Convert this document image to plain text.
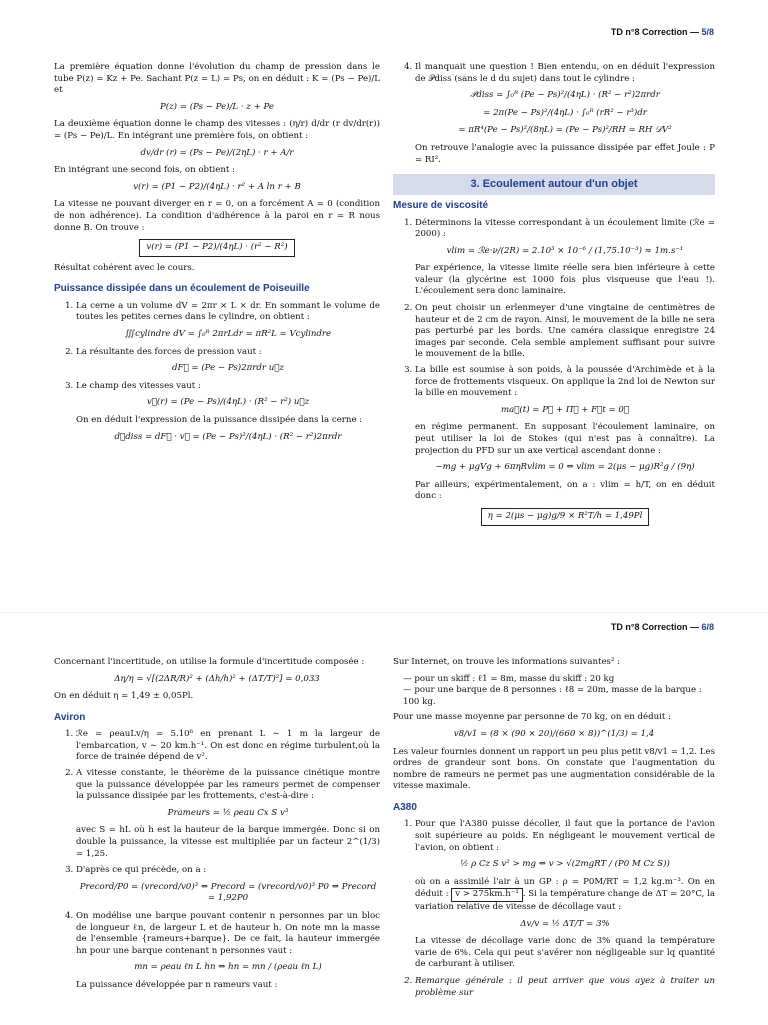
TD n°8 Correction — 5/8

La première équation donne l'évolution du champ de pression dans le tube P(z) = Kz + Pe. Sachant P(z = L) = Ps, on en déduit : K = (Ps − Pe)/L et

P(z) = (Ps − Pe)/L · z + Pe

La deuxième équation donne le champ des vitesses : (η/r) d/dr (r dv/dr(r)) = (Ps − Pe)/L. En intégrant une première fois, on obtient :

dv/dr (r) = (Ps − Pe)/(2ηL) · r + A/r

En intégrant une second fois, on obtient :

v(r) = (P1 − P2)/(4ηL) · r² + A ln r + B

La vitesse ne pouvant diverger en r = 0, on a forcément A = 0 (condition de non adhérence). La condition d'adhérence à la paroi en r = R nous donne B. On trouve :

v(r) = (P1 − P2)/(4ηL) · (r² − R²)

Résultat cohérent avec le cours.

Puissance dissipée dans un écoulement de Poiseuille
1. La cerne a un volume dV = 2πr × L × dr. En sommant le volume de toutes les petites cernes dans le cylindre, on obtient :
∭cylindre dV = ∫₀ᴿ 2πrLdr = πR²L = Vcylindre
2. La résultante des forces de pression vaut :
dF⃗ = (Pe − Ps)2πrdr u⃗z
3. Le champ des vitesses vaut :
v⃗(r) = (Pe − Ps)/(4ηL) · (R² − r²) u⃗z

On en déduit l'expression de la puissance dissipée dans la cerne :

d𝒫diss = dF⃗ · v⃗ = (Pe − Ps)²/(4ηL) · (R² − r²)2πrdr
4. Il manquait une question ! Bien entendu, on en déduit l'expression de 𝒫diss (sans le d du sujet) dans tout le cylindre :
𝒫diss = ∫₀ᴿ (Pe − Ps)²/(4ηL) · (R² − r²)2πrdr
= 2π(Pe − Ps)²/(4ηL) · ∫₀ᴿ (rR² − r³)dr
= πR⁴(Pe − Ps)²/(8ηL) = (Pe − Ps)²/RH = RH 𝒟V²

On retrouve l'analogie avec la puissance dissipée par effet Joule : P = RI².

3. Ecoulement autour d'un objet
Mesure de viscosité
1. Déterminons la vitesse correspondant à un écoulement limite (ℛe = 2000) :
vlim = ℛe·ν/(2R) = 2.10³ × 10⁻⁶ / (1,75.10⁻³) ≈ 1m.s⁻¹

Par expérience, la vitesse limite réelle sera bien inférieure à cette valeur (la glycérine est 1000 fois plus visqueuse que l'eau !). L'écoulement sera donc laminaire.

2. On peut choisir un erlenmeyer d'une vingtaine de centimètres de hauteur et de 2 cm de rayon. Ainsi, le mouvement de la bille ne sera pas perturbé par les bords. Une caméra classique enregistre 24 images par seconde. Cela semble amplement suffisant pour suivre le mouvement de la bille.
3. La bille est soumise à son poids, à la poussée d'Archimède et à la force de frottements visqueux. On applique la 2nd loi de Newton sur la bille en mouvement :
ma⃗(t) = P⃗ + Π⃗ + F⃗t = 0⃗

en régime permanent. En supposant l'écoulement laminaire, on peut utiliser la loi de Stokes (qui n'est pas à connaître). La projection du PFD sur un axe vertical ascendant donne :

−mg + μgVg + 6πηRvlim = 0 ⇔ vlim = 2(μs − μg)R²g / (9η)

Par ailleurs, expérimentalement, on a : vlim = h/T, on en déduit donc :

η = 2(μs − μg)g/9 × R²T/h = 1,49Pl
TD n°8 Correction — 6/8

Concernant l'incertitude, on utilise la formule d'incertitude composée :

Δη/η = √[(2ΔR/R)² + (Δh/h)² + (ΔT/T)²] = 0,033

On en déduit η = 1,49 ± 0,05Pl.

Aviron
1. ℛe = ρeauLv/η = 5.10⁶ en prenant L ∼ 1 m la largeur de l'embarcation, v ∼ 20 km.h⁻¹. On est donc en régime turbulent,où la force de trainée dépend de v².
2. A vitesse constante, le théorème de la puissance cinétique montre que la puissance développée par les rameurs permet de compenser la puissance dissipée par les frottements, c'est-à-dire :
Prameurs = ½ ρeau Cx S v³

avec S = hL où h est la hauteur de la barque immergée. Donc si on double la puissance, la vitesse est multipliée par un facteur 2^(1/3) = 1,25.

3. D'après ce qui précède, on a :
Precord/P0 = (vrecord/v0)³ ⇔ Precord = (vrecord/v0)³ P0 ⇔ Precord = 1,92P0
4. On modélise une barque pouvant contenir n personnes par un bloc de longueur ℓn, de largeur L et de hauteur h. On note mn la masse de l'ensemble {rameurs+barque}. De ce fait, la hauteur immergée hn pour une barque contenant n personnes vaut :
mn = ρeau ℓn L hn ⇒ hn = mn / (ρeau ℓn L)

La puissance développée par n rameurs vaut :

Sur Internet, on trouve les informations suivantes² :

— pour un skiff : ℓ1 = 8m, masse du skiff : 20 kg
— pour une barque de 8 personnes : ℓ8 = 20m, masse de la barque : 100 kg.

Pour une masse moyenne par personne de 70 kg, on en déduit :

v8/v1 = (8 × (90 × 20)/(660 × 8))^(1/3) = 1,4

Les valeur fournies donnent un rapport un peu plus petit v8/v1 = 1,2. Les ordres de grandeur sont bons. On constate que l'augmentation du nombre de rameurs ne permet pas une augmentation considérable de la vitesse maximale.

A380
1. Pour que l'A380 puisse décoller, il faut que la portance de l'avion soit supérieure au poids. En négligeant le mouvement vertical de l'avion, on obtient :
½ ρ Cz S v² > mg ⇔ v > √(2mgRT / (P0 M Cz S))

où on a assimilé l'air à un GP : ρ = P0M/RT = 1,2 kg.m⁻³. On en déduit : v > 275km.h⁻¹ . Si la température change de ΔT = 20°C, la variation relative de vitesse de décollage vaut :

Δv/v = ½ ΔT/T = 3%

La vitesse de décollage varie donc de 3% quand la température varie de 6%. Cela qui peut s'avérer non négligeable sur lq quantité de carburant à utiliser.

2. Remarque générale : il peut arriver que vous ayez à traiter un problème sur
